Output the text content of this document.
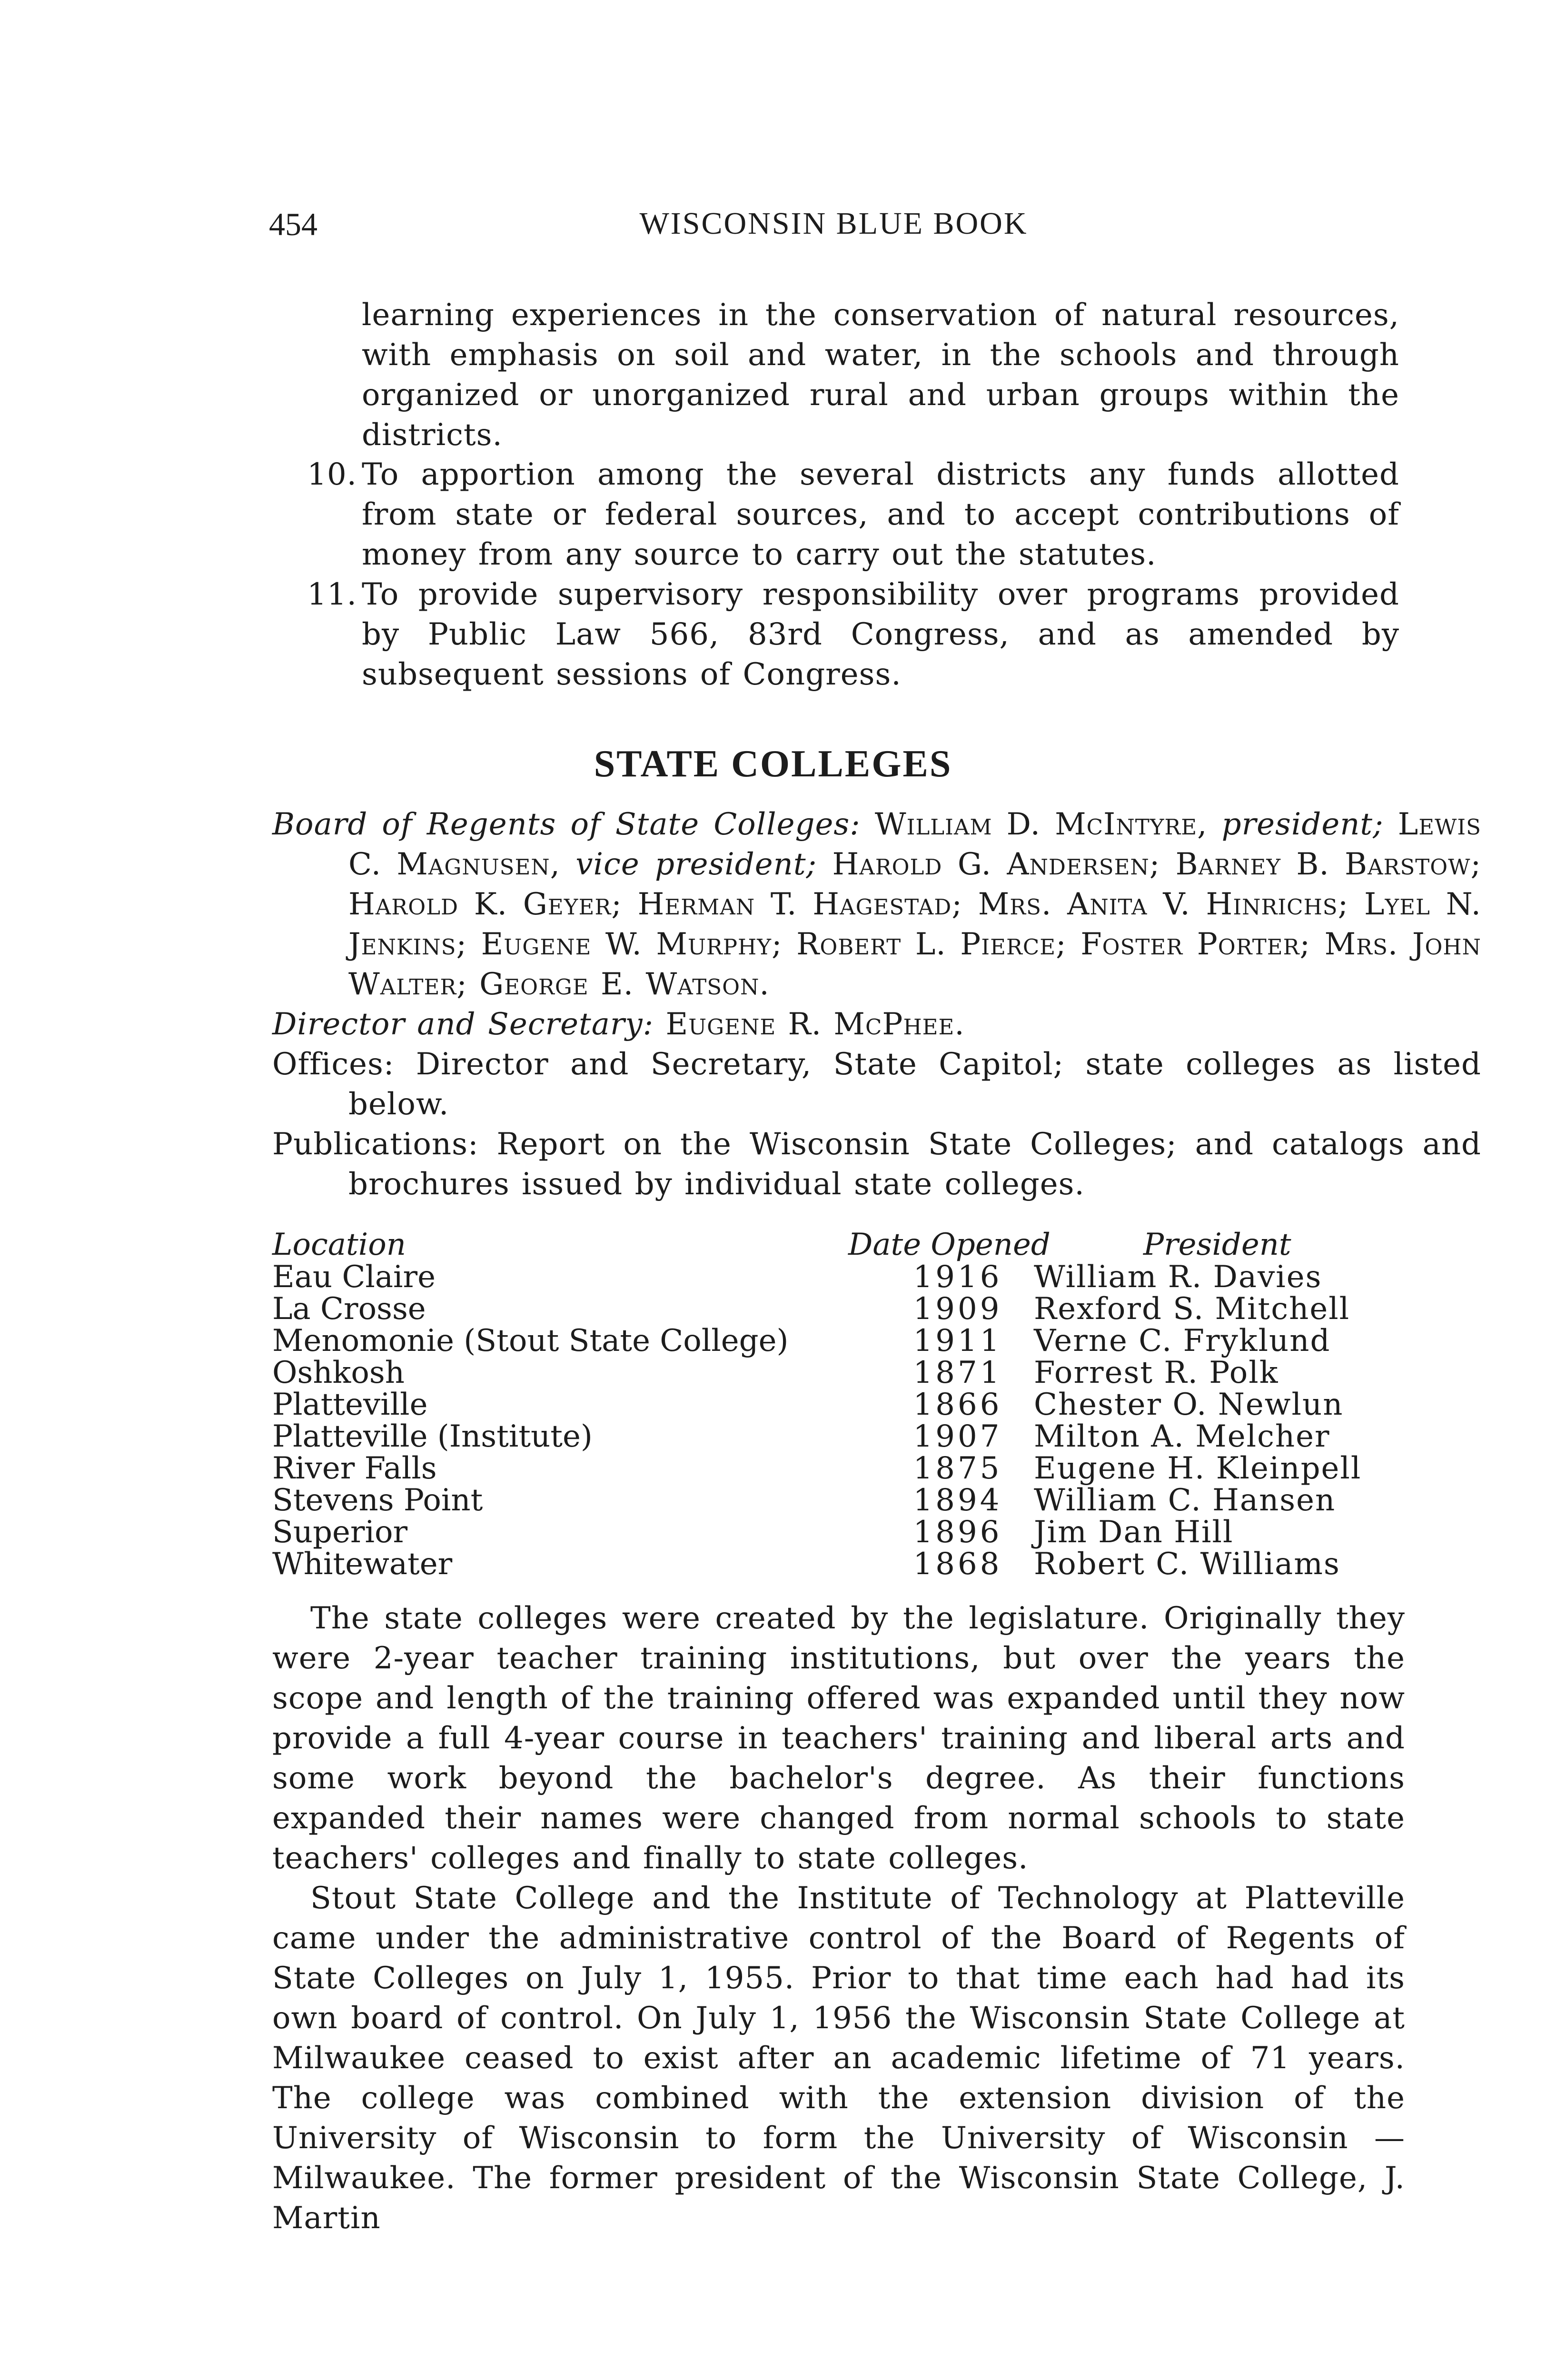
454	WISCONSIN BLUE BOOK

learning experiences in the conservation of natural resources, with emphasis on soil and water, in the schools and through organized or unorganized rural and urban groups within the districts.

10. To apportion among the several districts any funds allotted from state or federal sources, and to accept contributions of money from any source to carry out the statutes.

11. To provide supervisory responsibility over programs provided by Public Law 566, 83rd Congress, and as amended by subsequent sessions of Congress.

STATE COLLEGES

Board of Regents of State Colleges: William D. McIntyre, president; Lewis C. Magnusen, vice president; Harold G. Andersen; Barney B. Barstow; Harold K. Geyer; Herman T. Hagestad; Mrs. Anita V. Hinrichs; Lyel N. Jenkins; Eugene W. Murphy; Robert L. Pierce; Foster Porter; Mrs. John Walter; George E. Watson.

Director and Secretary: Eugene R. McPhee.

Offices: Director and Secretary, State Capitol; state colleges as listed below.

Publications: Report on the Wisconsin State Colleges; and catalogs and brochures issued by individual state colleges.

Location	Date Opened	President
Eau Claire	1916	William R. Davies
La Crosse	1909	Rexford S. Mitchell
Menomonie (Stout State College)	1911	Verne C. Fryklund
Oshkosh	1871	Forrest R. Polk
Platteville	1866	Chester O. Newlun
Platteville (Institute)	1907	Milton A. Melcher
River Falls	1875	Eugene H. Kleinpell
Stevens Point	1894	William C. Hansen
Superior	1896	Jim Dan Hill
Whitewater	1868	Robert C. Williams

The state colleges were created by the legislature. Originally they were 2-year teacher training institutions, but over the years the scope and length of the training offered was expanded until they now provide a full 4-year course in teachers' training and liberal arts and some work beyond the bachelor's degree. As their functions expanded their names were changed from normal schools to state teachers' colleges and finally to state colleges.

Stout State College and the Institute of Technology at Platteville came under the administrative control of the Board of Regents of State Colleges on July 1, 1955. Prior to that time each had had its own board of control. On July 1, 1956 the Wisconsin State College at Milwaukee ceased to exist after an academic lifetime of 71 years. The college was combined with the extension division of the University of Wisconsin to form the University of Wisconsin — Milwaukee. The former president of the Wisconsin State College, J. Martin
